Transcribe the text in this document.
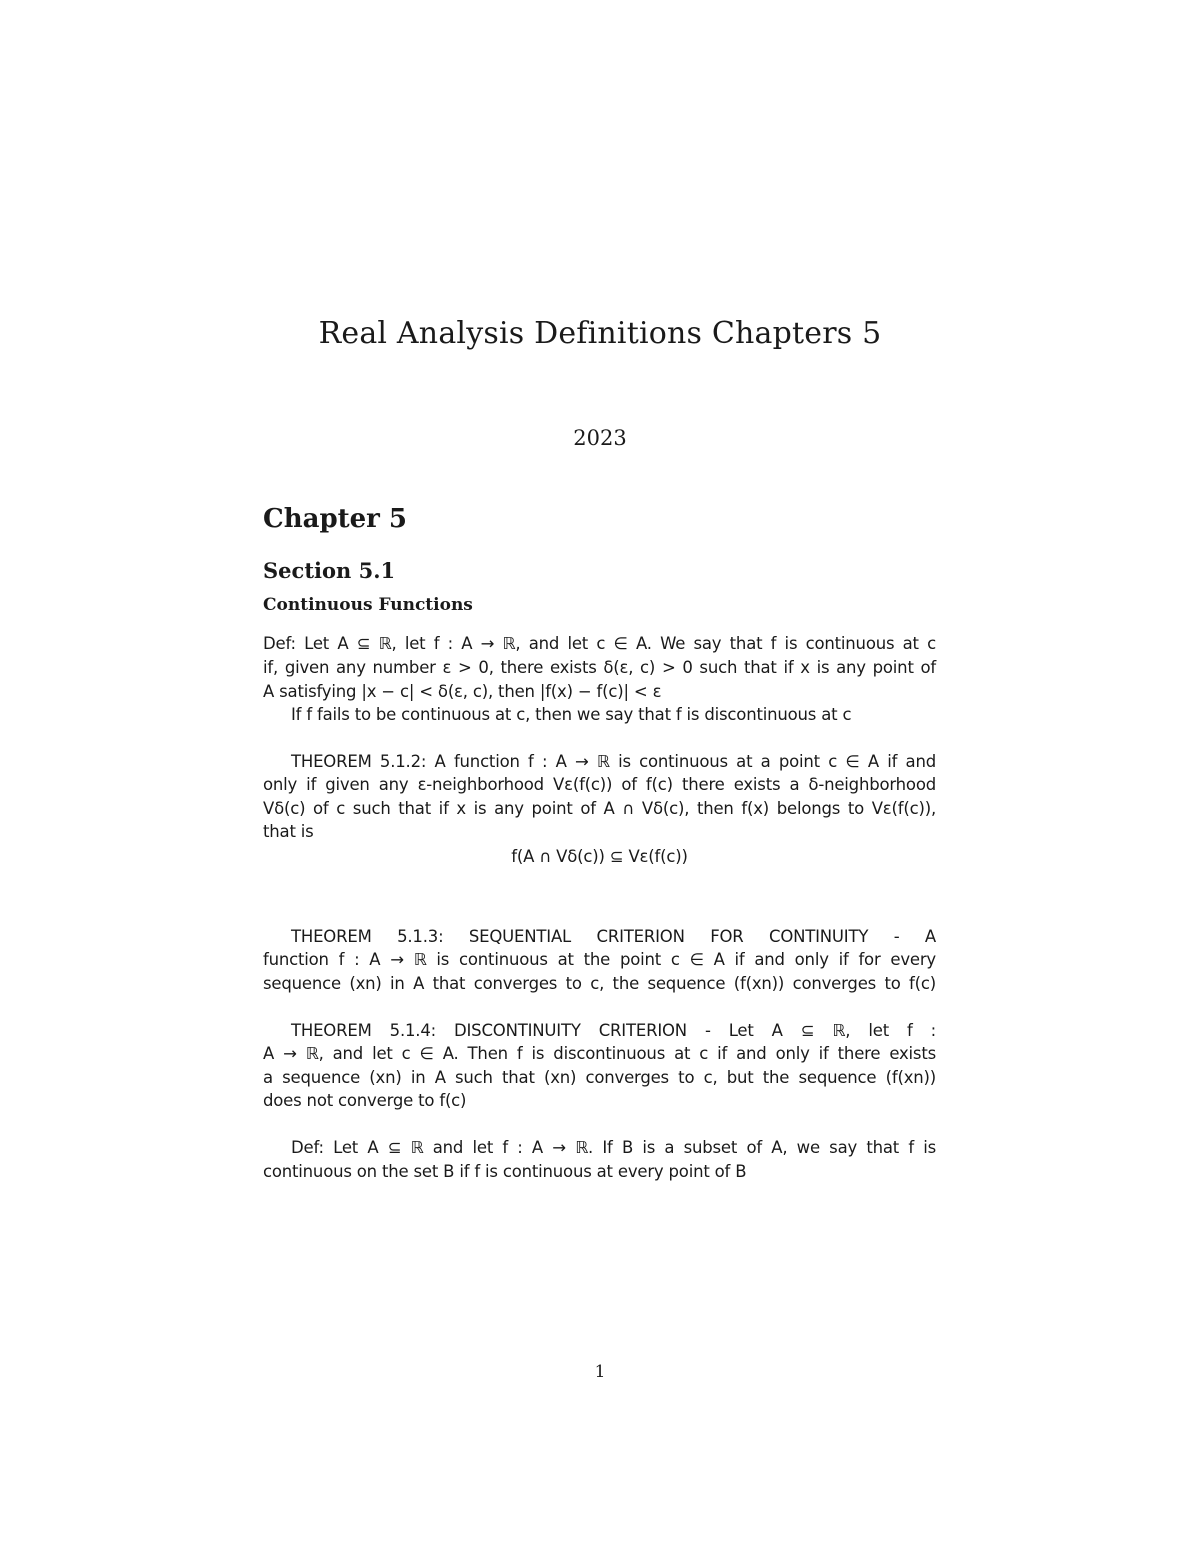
Real Analysis Definitions Chapters 5
2023
Chapter 5
Section 5.1
Continuous Functions
Def: Let A ⊆ ℝ, let f : A → ℝ, and let c ∈ A. We say that f is continuous at c
if, given any number ε > 0, there exists δ(ε, c) > 0 such that if x is any point of
A satisfying |x − c| < δ(ε, c), then |f(x) − f(c)| < ε
If f fails to be continuous at c, then we say that f is discontinuous at c
THEOREM 5.1.2: A function f : A → ℝ is continuous at a point c ∈ A if and
only if given any ε-neighborhood Vε(f(c)) of f(c) there exists a δ-neighborhood
Vδ(c) of c such that if x is any point of A ∩ Vδ(c), then f(x) belongs to Vε(f(c)),
that is
f(A ∩ Vδ(c)) ⊆ Vε(f(c))
THEOREM 5.1.3: SEQUENTIAL CRITERION FOR CONTINUITY - A
function f : A → ℝ is continuous at the point c ∈ A if and only if for every
sequence (xn) in A that converges to c, the sequence (f(xn)) converges to f(c)
THEOREM 5.1.4: DISCONTINUITY CRITERION - Let A ⊆ ℝ, let f :
A → ℝ, and let c ∈ A. Then f is discontinuous at c if and only if there exists
a sequence (xn) in A such that (xn) converges to c, but the sequence (f(xn))
does not converge to f(c)
Def: Let A ⊆ ℝ and let f : A → ℝ. If B is a subset of A, we say that f is
continuous on the set B if f is continuous at every point of B
1
